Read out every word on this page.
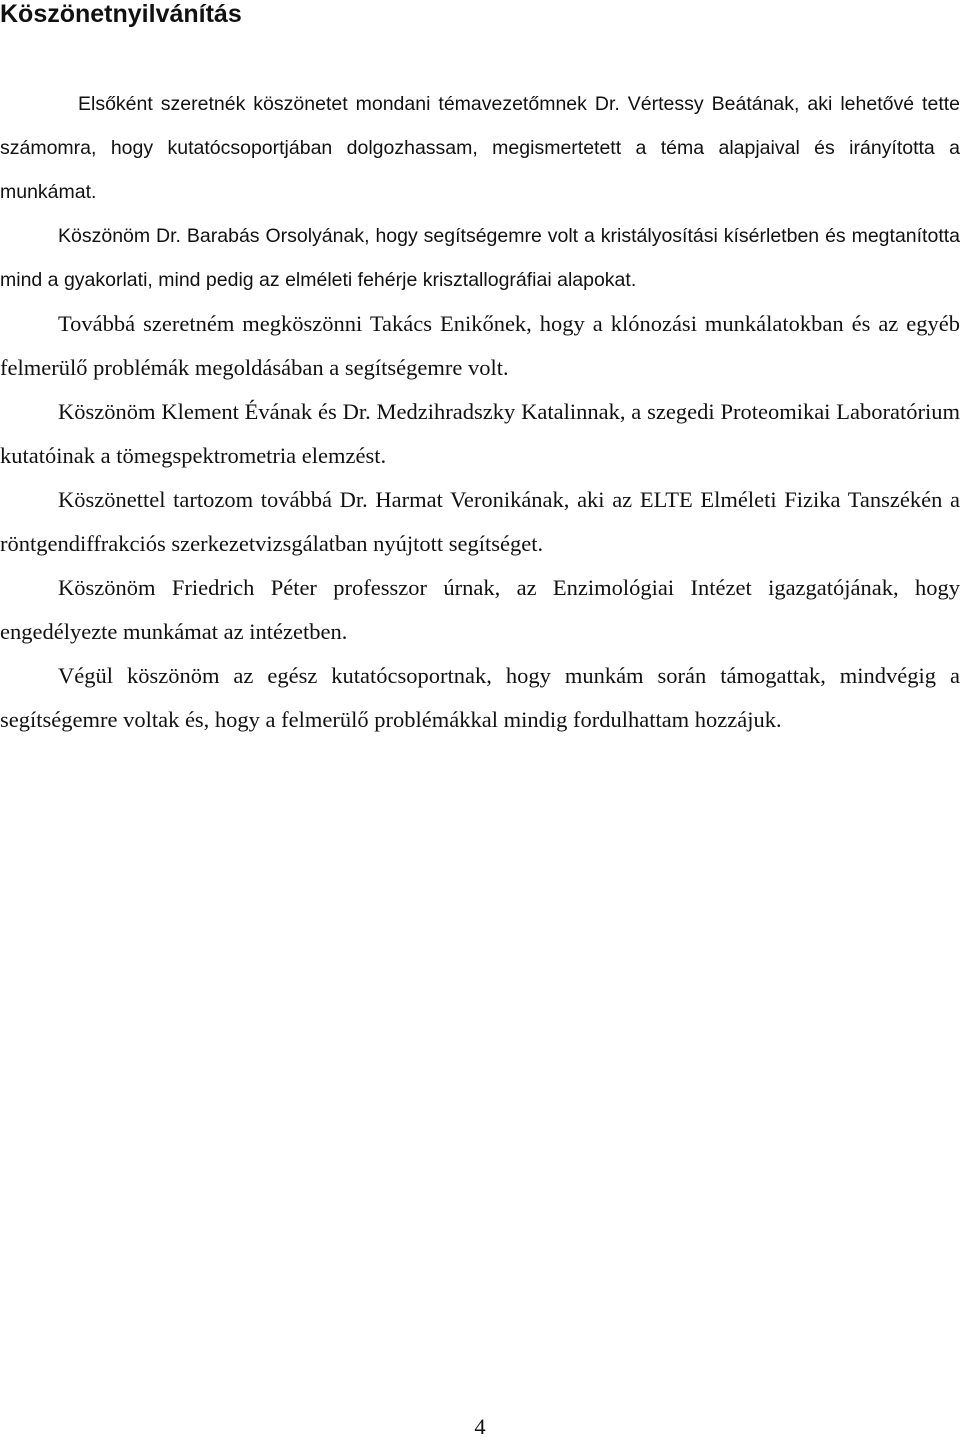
Köszönetnyilvánítás

Elsőként szeretnék köszönetet mondani témavezetőmnek Dr. Vértessy Beátának, aki lehetővé tette számomra, hogy kutatócsoportjában dolgozhassam, megismertetett a téma alapjaival és irányította a munkámat.

Köszönöm Dr. Barabás Orsolyának, hogy segítségemre volt a kristályosítási kísérletben és megtanította mind a gyakorlati, mind pedig az elméleti fehérje krisztallográfiai alapokat.

Továbbá szeretném megköszönni Takács Enikőnek, hogy a klónozási munkálatokban és az egyéb felmerülő problémák megoldásában a segítségemre volt.

Köszönöm Klement Évának és Dr. Medzihradszky Katalinnak, a szegedi Proteomikai Laboratórium kutatóinak a tömegspektrometria elemzést.

Köszönettel tartozom továbbá Dr. Harmat Veronikának, aki az ELTE Elméleti Fizika Tanszékén a röntgendiffrakciós szerkezetvizsgálatban nyújtott segítséget.

Köszönöm Friedrich Péter professzor úrnak, az Enzimológiai Intézet igazgatójának, hogy engedélyezte munkámat az intézetben.

Végül köszönöm az egész kutatócsoportnak, hogy munkám során támogattak, mindvégig a segítségemre voltak és, hogy a felmerülő problémákkal mindig fordulhattam hozzájuk.

4
